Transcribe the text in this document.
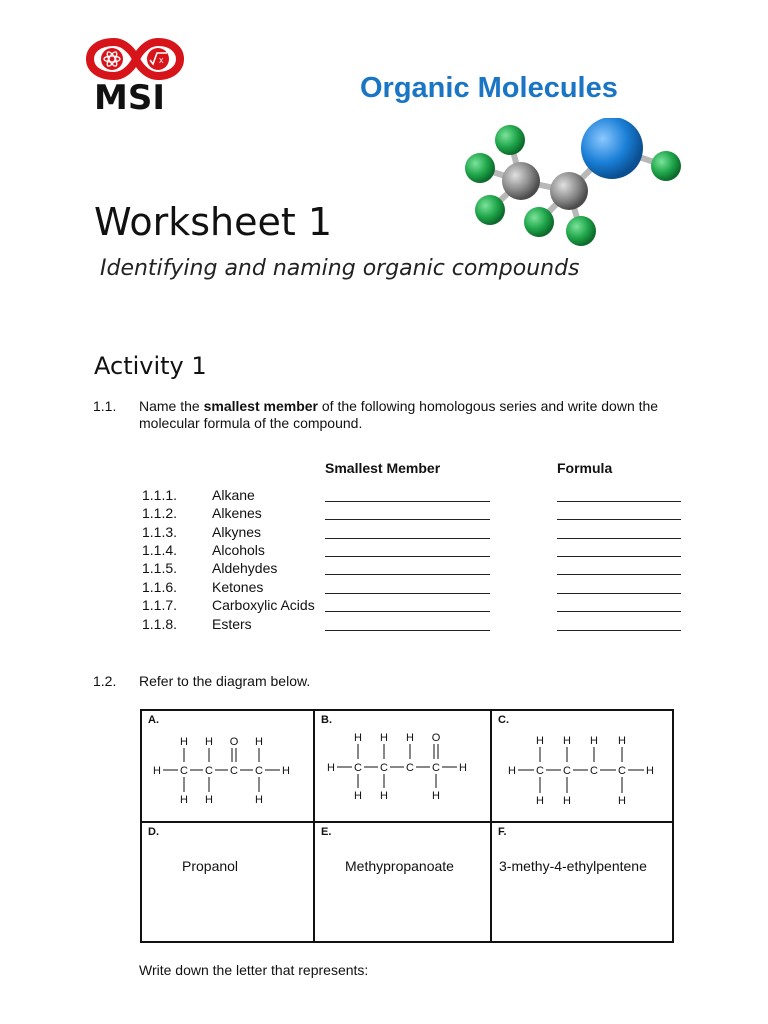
x
MSI	Organic Molecules
Worksheet 1
Identifying and naming organic compounds
Activity 1
1.1. Name the smallest member of the following homologous series and write down the molecular formula of the compound.
Smallest Member	Formula
1.1.1. Alkane
1.1.2. Alkenes
1.1.3. Alkynes
1.1.4. Alcohols
1.1.5. Aldehydes
1.1.6. Ketones
1.1.7. Carboxylic Acids
1.1.8. Esters
1.2. Refer to the diagram below.
A.
H H O H
H C C C C H
H H	H
B.
H H H O
H C C C C H
H H	H
C.
H H H H
H C C C C H
H H	H
D.
Propanol
E.
Methypropanoate
F.
3-methy-4-ethylpentene
Write down the letter that represents:
